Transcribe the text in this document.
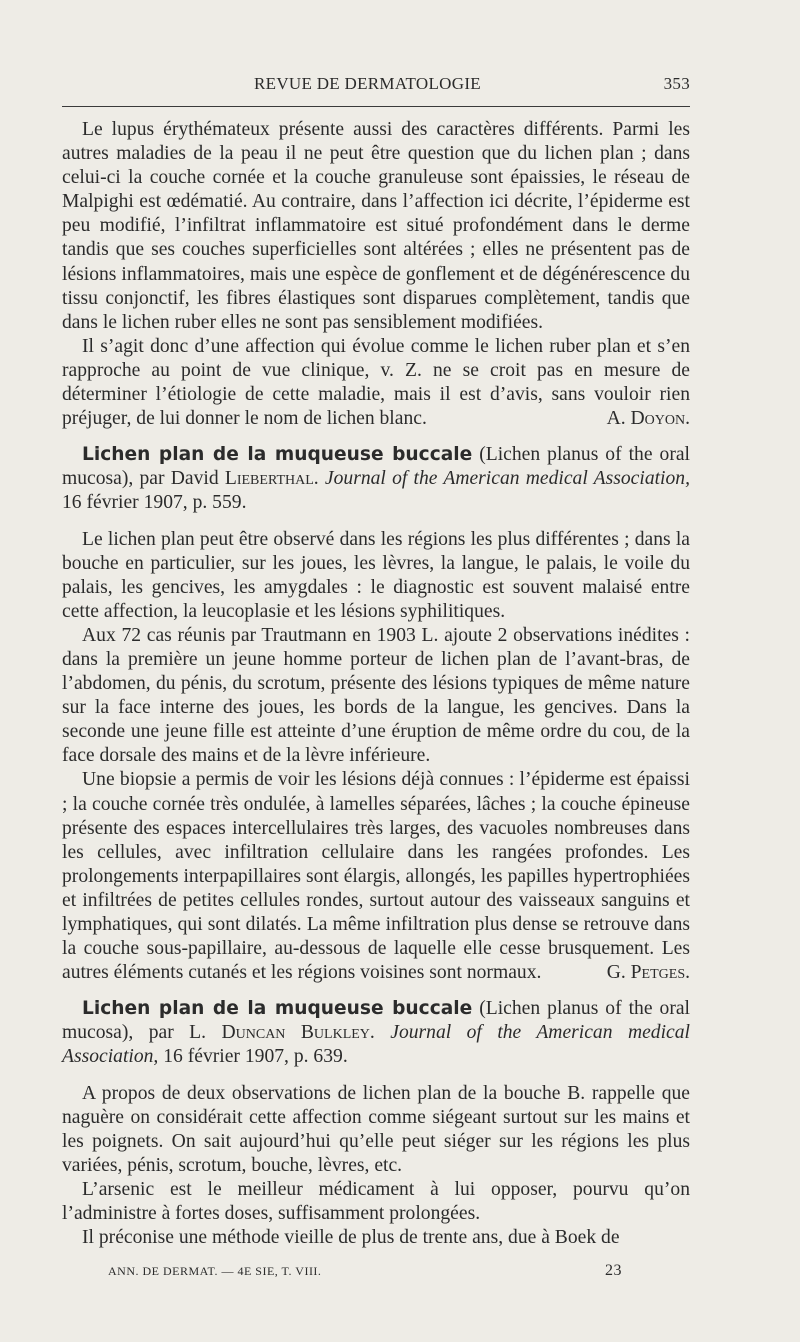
REVUE DE DERMATOLOGIE	353

Le lupus érythémateux présente aussi des caractères différents. Parmi les autres maladies de la peau il ne peut être question que du lichen plan ; dans celui-ci la couche cornée et la couche granuleuse sont épaissies, le réseau de Malpighi est œdématié. Au contraire, dans l’affection ici décrite, l’épiderme est peu modifié, l’infiltrat inflammatoire est situé profondément dans le derme tandis que ses couches superficielles sont altérées ; elles ne présentent pas de lésions inflammatoires, mais une espèce de gonflement et de dégénérescence du tissu conjonctif, les fibres élastiques sont disparues complètement, tandis que dans le lichen ruber elles ne sont pas sensiblement modifiées.

Il s’agit donc d’une affection qui évolue comme le lichen ruber plan et s’en rapproche au point de vue clinique, v. Z. ne se croit pas en mesure de déterminer l’étiologie de cette maladie, mais il est d’avis, sans vouloir rien préjuger, de lui donner le nom de lichen blanc.	A. Doyon.

Lichen plan de la muqueuse buccale (Lichen planus of the oral mucosa), par David Lieberthal. Journal of the American medical Association, 16 février 1907, p. 559.

Le lichen plan peut être observé dans les régions les plus différentes ; dans la bouche en particulier, sur les joues, les lèvres, la langue, le palais, le voile du palais, les gencives, les amygdales : le diagnostic est souvent malaisé entre cette affection, la leucoplasie et les lésions syphilitiques.

Aux 72 cas réunis par Trautmann en 1903 L. ajoute 2 observations inédites : dans la première un jeune homme porteur de lichen plan de l’avant-bras, de l’abdomen, du pénis, du scrotum, présente des lésions typiques de même nature sur la face interne des joues, les bords de la langue, les gencives. Dans la seconde une jeune fille est atteinte d’une éruption de même ordre du cou, de la face dorsale des mains et de la lèvre inférieure.

Une biopsie a permis de voir les lésions déjà connues : l’épiderme est épaissi ; la couche cornée très ondulée, à lamelles séparées, lâches ; la couche épineuse présente des espaces intercellulaires très larges, des vacuoles nombreuses dans les cellules, avec infiltration cellulaire dans les rangées profondes. Les prolongements interpapillaires sont élargis, allongés, les papilles hypertrophiées et infiltrées de petites cellules rondes, surtout autour des vaisseaux sanguins et lymphatiques, qui sont dilatés. La même infiltration plus dense se retrouve dans la couche sous-papillaire, au-dessous de laquelle elle cesse brusquement. Les autres éléments cutanés et les régions voisines sont normaux.	G. Petges.

Lichen plan de la muqueuse buccale (Lichen planus of the oral mucosa), par L. Duncan Bulkley. Journal of the American medical Association, 16 février 1907, p. 639.

A propos de deux observations de lichen plan de la bouche B. rappelle que naguère on considérait cette affection comme siégeant surtout sur les mains et les poignets. On sait aujourd’hui qu’elle peut siéger sur les régions les plus variées, pénis, scrotum, bouche, lèvres, etc.

L’arsenic est le meilleur médicament à lui opposer, pourvu qu’on l’administre à fortes doses, suffisamment prolongées.

Il préconise une méthode vieille de plus de trente ans, due à Boek de

ANN. DE DERMAT. — 4E SIE, T. VIII.	23
